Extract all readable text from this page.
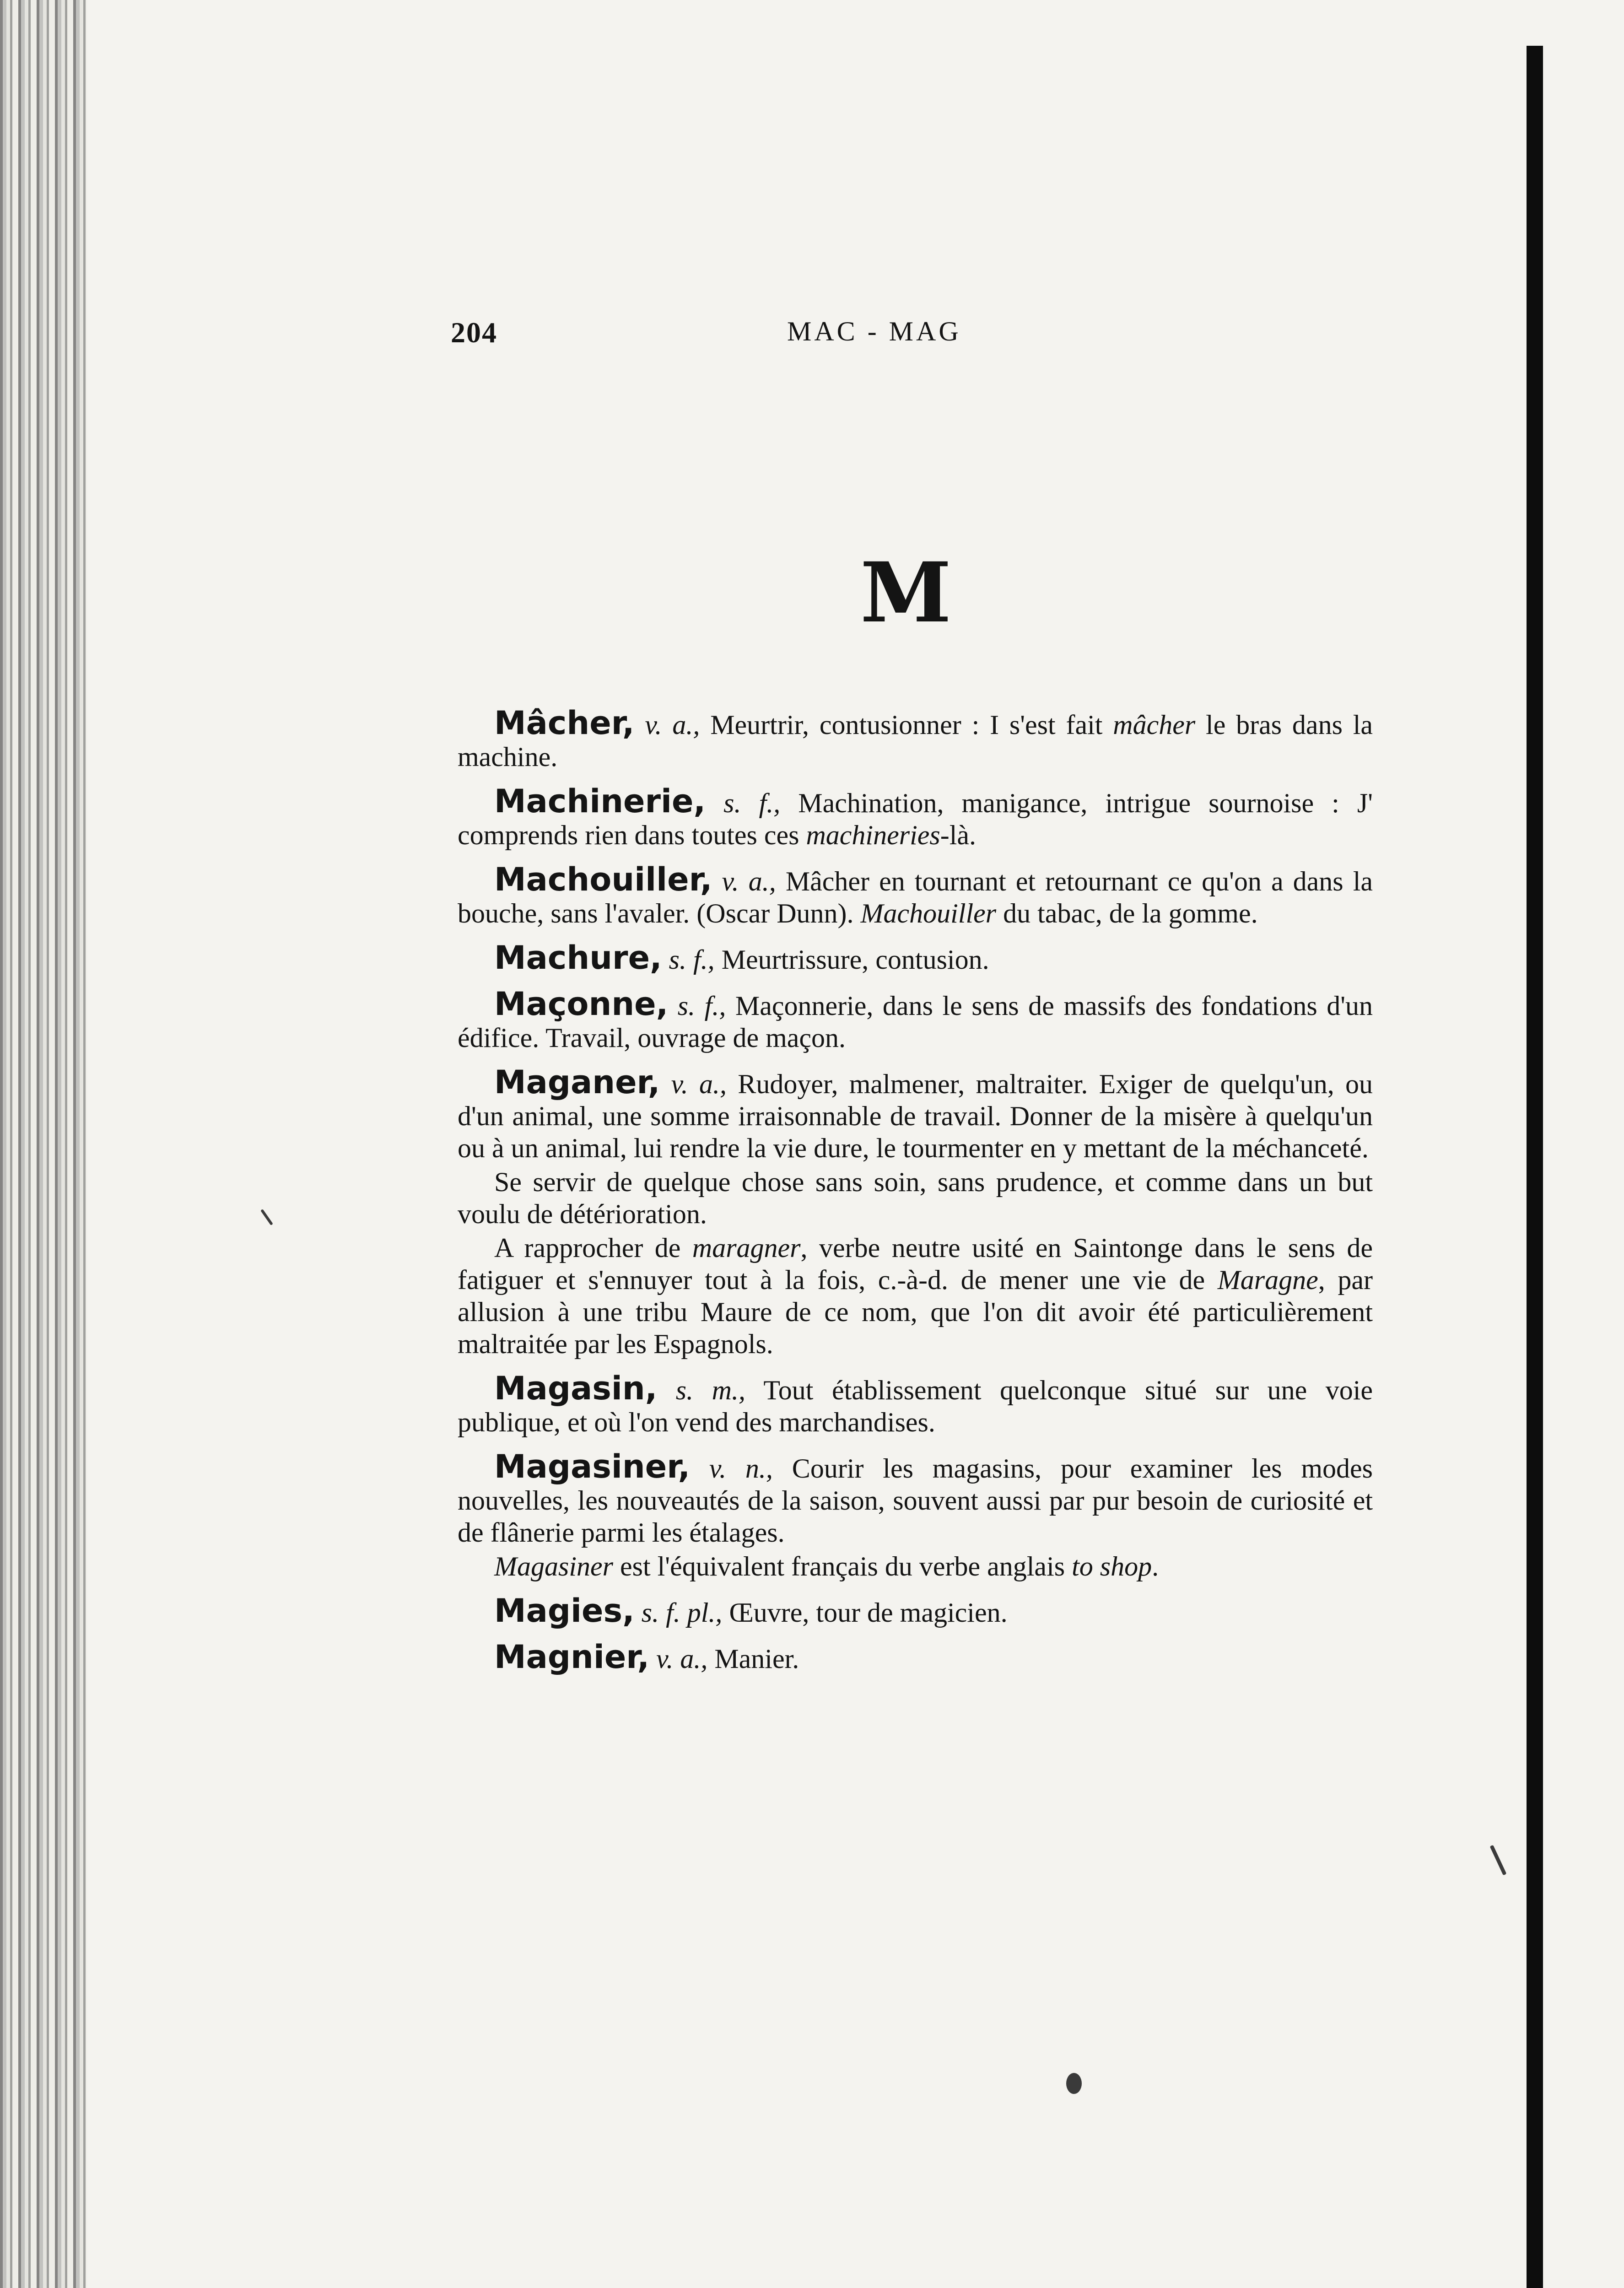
204	MAC - MAG
M

Mâcher, v. a., Meurtrir, contusionner : I s'est fait mâcher le bras dans la machine.

Machinerie, s. f., Machination, manigance, intrigue sournoise : J' comprends rien dans toutes ces machineries-là.

Machouiller, v. a., Mâcher en tournant et retournant ce qu'on a dans la bouche, sans l'avaler. (Oscar Dunn). Machouiller du tabac, de la gomme.

Machure, s. f., Meurtrissure, contusion.

Maçonne, s. f., Maçonnerie, dans le sens de massifs des fondations d'un édifice. Travail, ouvrage de maçon.

Maganer, v. a., Rudoyer, malmener, maltraiter. Exiger de quelqu'un, ou d'un animal, une somme irraisonnable de travail. Donner de la misère à quelqu'un ou à un animal, lui rendre la vie dure, le tourmenter en y mettant de la méchanceté.

Se servir de quelque chose sans soin, sans prudence, et comme dans un but voulu de détérioration.

A rapprocher de maragner, verbe neutre usité en Saintonge dans le sens de fatiguer et s'ennuyer tout à la fois, c.-à-d. de mener une vie de Maragne, par allusion à une tribu Maure de ce nom, que l'on dit avoir été particulièrement maltraitée par les Espagnols.

Magasin, s. m., Tout établissement quelconque situé sur une voie publique, et où l'on vend des marchandises.

Magasiner, v. n., Courir les magasins, pour examiner les modes nouvelles, les nouveautés de la saison, souvent aussi par pur besoin de curiosité et de flânerie parmi les étalages.

Magasiner est l'équivalent français du verbe anglais to shop.

Magies, s. f. pl., Œuvre, tour de magicien.

Magnier, v. a., Manier.
